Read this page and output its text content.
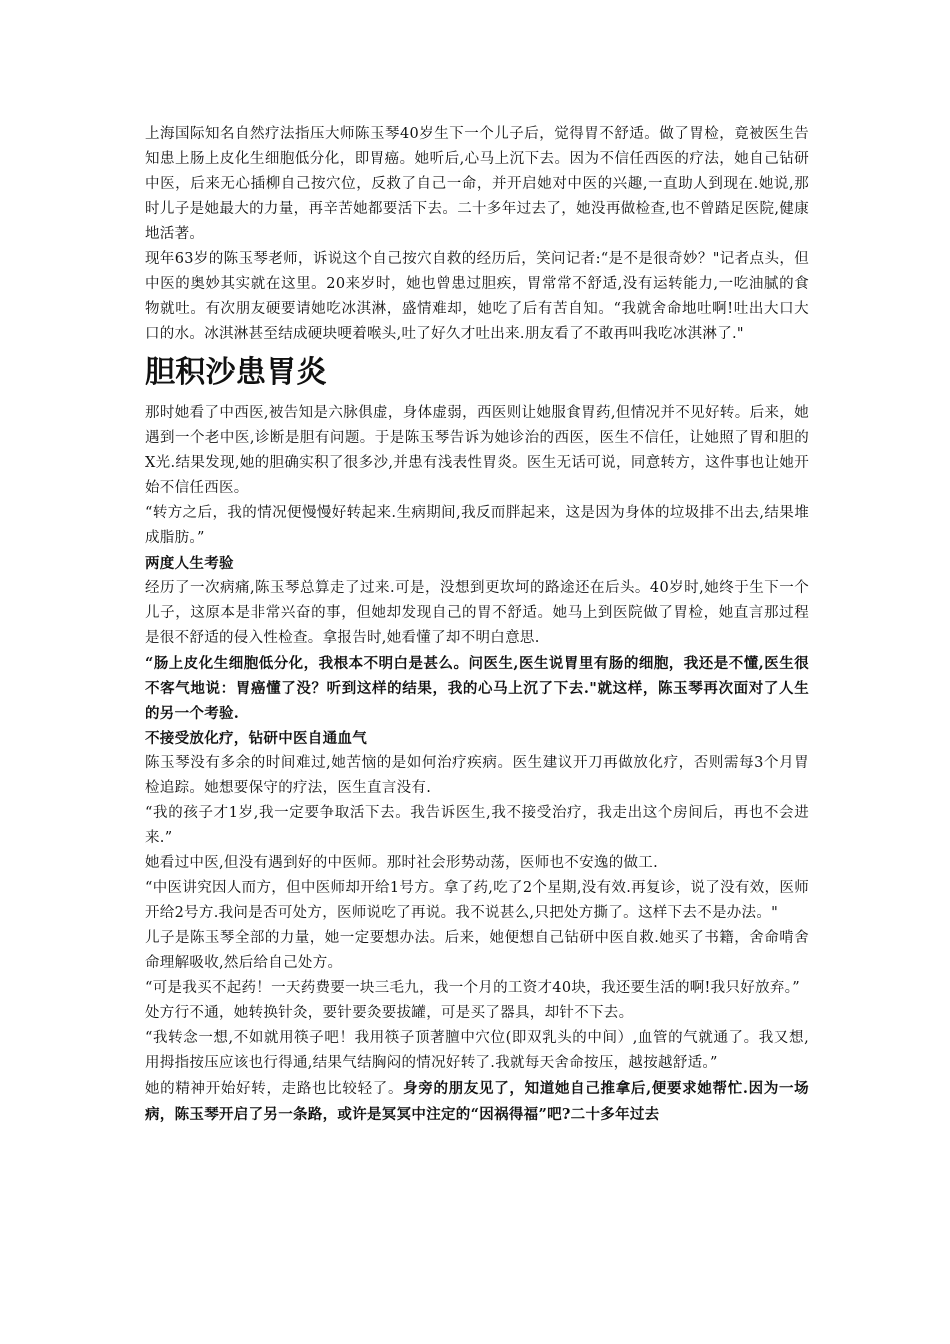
上海国际知名自然疗法指压大师陈玉琴40岁生下一个儿子后，觉得胃不舒适。做了胃检，竟被医生告知患上肠上皮化生细胞低分化，即胃癌。她听后,心马上沉下去。因为不信任西医的疗法，她自己钻研中医，后来无心插柳自己按穴位，反救了自己一命，并开启她对中医的兴趣,一直助人到现在.她说,那时儿子是她最大的力量，再辛苦她都要活下去。二十多年过去了，她没再做检查,也不曾踏足医院,健康地活著。

现年63岁的陈玉琴老师，诉说这个自己按穴自救的经历后，笑问记者:“是不是很奇妙？"记者点头，但中医的奥妙其实就在这里。20来岁时，她也曾患过胆疾，胃常常不舒适,没有运转能力,一吃油腻的食物就吐。有次朋友硬要请她吃冰淇淋，盛情难却，她吃了后有苦自知。“我就舍命地吐啊!吐出大口大口的水。冰淇淋甚至结成硬块哽着喉头,吐了好久才吐出来.朋友看了不敢再叫我吃冰淇淋了."

胆积沙患胃炎

那时她看了中西医,被告知是六脉俱虚，身体虚弱，西医则让她服食胃药,但情况并不见好转。后来，她遇到一个老中医,诊断是胆有问题。于是陈玉琴告诉为她诊治的西医，医生不信任，让她照了胃和胆的X光.结果发现,她的胆确实积了很多沙,并患有浅表性胃炎。医生无话可说，同意转方，这件事也让她开始不信任西医。

“转方之后，我的情况便慢慢好转起来.生病期间,我反而胖起来，这是因为身体的垃圾排不出去,结果堆成脂肪。”

两度人生考验

经历了一次病痛,陈玉琴总算走了过来.可是，没想到更坎坷的路途还在后头。40岁时,她终于生下一个儿子，这原本是非常兴奋的事，但她却发现自己的胃不舒适。她马上到医院做了胃检，她直言那过程是很不舒适的侵入性检查。拿报告时,她看懂了却不明白意思.

“肠上皮化生细胞低分化，我根本不明白是甚么。问医生,医生说胃里有肠的细胞，我还是不懂,医生很不客气地说：胃癌懂了没？听到这样的结果，我的心马上沉了下去."就这样，陈玉琴再次面对了人生的另一个考验.

不接受放化疗，钻研中医自通血气

陈玉琴没有多余的时间难过,她苦恼的是如何治疗疾病。医生建议开刀再做放化疗，否则需每3个月胃检追踪。她想要保守的疗法，医生直言没有.

“我的孩子才1岁,我一定要争取活下去。我告诉医生,我不接受治疗，我走出这个房间后，再也不会进来.”

她看过中医,但没有遇到好的中医师。那时社会形势动荡，医师也不安逸的做工.

“中医讲究因人而方，但中医师却开给1号方。拿了药,吃了2个星期,没有效.再复诊，说了没有效，医师开给2号方.我问是否可处方，医师说吃了再说。我不说甚么,只把处方撕了。这样下去不是办法。"

儿子是陈玉琴全部的力量，她一定要想办法。后来，她便想自己钻研中医自救.她买了书籍，舍命啃舍命理解吸收,然后给自己处方。

“可是我买不起药！一天药费要一块三毛九，我一个月的工资才40块，我还要生活的啊!我只好放弃。”

处方行不通，她转换针灸，要针要灸要拔罐，可是买了器具，却针不下去。

“我转念一想,不如就用筷子吧！我用筷子顶著膻中穴位(即双乳头的中间）,血管的气就通了。我又想,用拇指按压应该也行得通,结果气结胸闷的情况好转了.我就每天舍命按压，越按越舒适。”

她的精神开始好转，走路也比较轻了。身旁的朋友见了，知道她自己推拿后,便要求她帮忙.因为一场病，陈玉琴开启了另一条路，或许是冥冥中注定的“因祸得福”吧?二十多年过去
